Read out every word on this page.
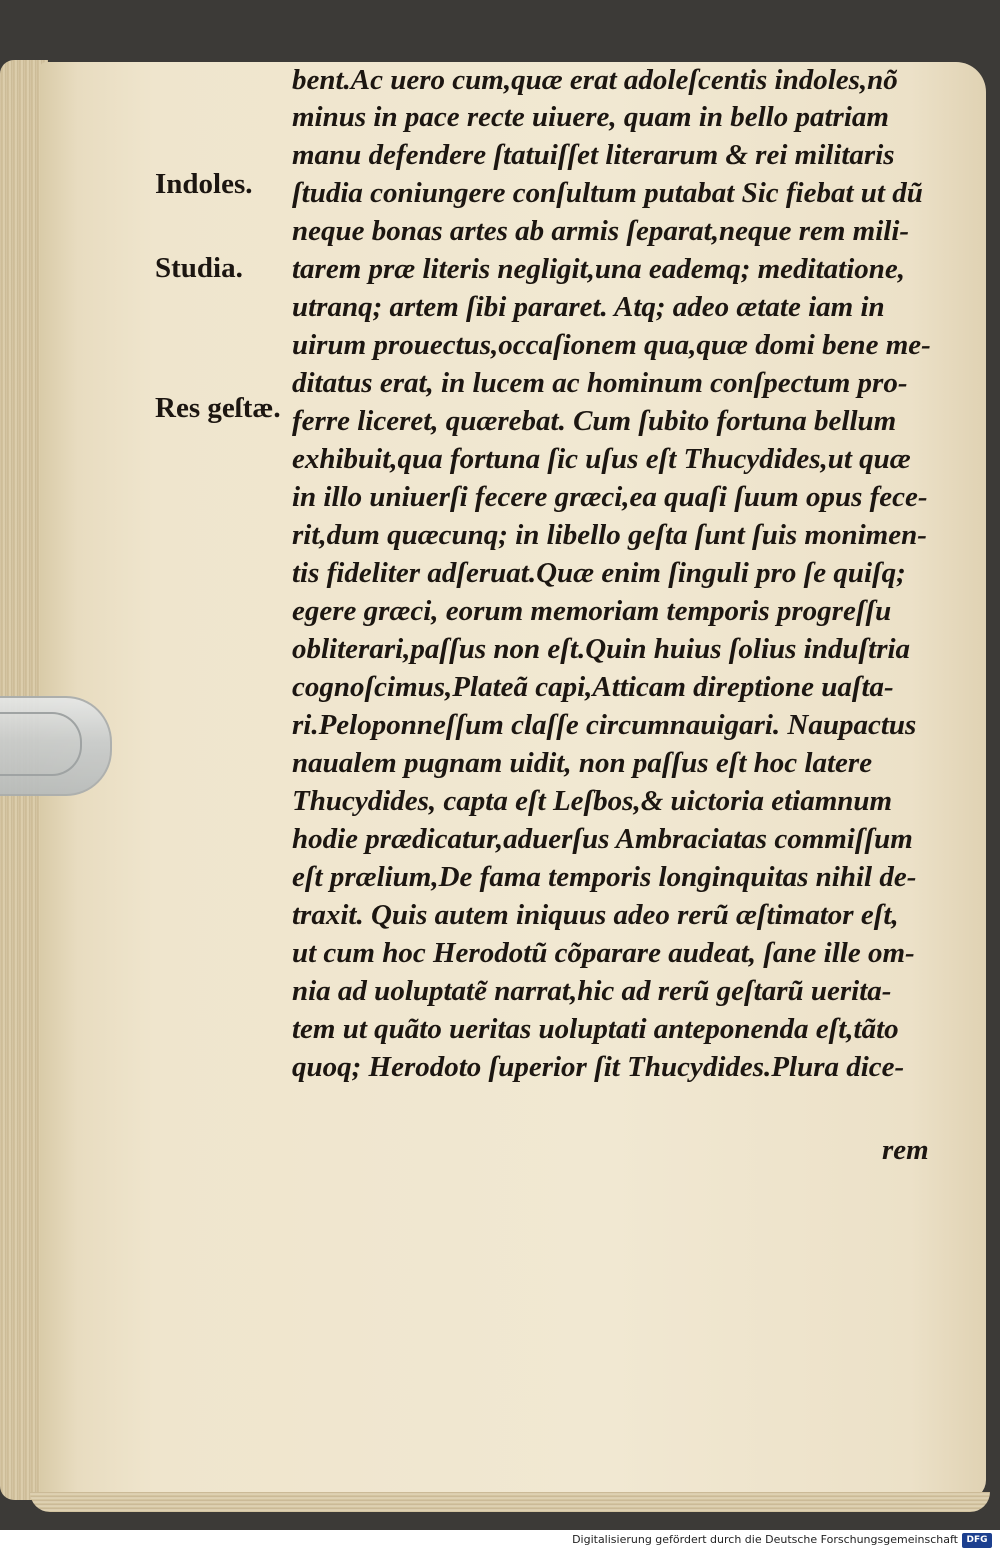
Indoles.
Studia.
Res geſtæ.
bent.Ac uero cum,quæ erat adoleſcentis indoles,nõ
minus in pace recte uiuere, quam in bello patriam
manu defendere ſtatuiſſet literarum & rei militaris
ſtudia coniungere conſultum putabat Sic fiebat ut dũ
neque bonas artes ab armis ſeparat,neque rem mili-
tarem præ literis negligit,una eademq; meditatione,
utranq; artem ſibi pararet. Atq; adeo ætate iam in
uirum prouectus,occaſionem qua,quæ domi bene me-
ditatus erat, in lucem ac hominum conſpectum pro-
ferre liceret, quærebat. Cum ſubito fortuna bellum
exhibuit,qua fortuna ſic uſus eſt Thucydides,ut quæ
in illo uniuerſi fecere græci,ea quaſi ſuum opus fece-
rit,dum quæcunq; in libello geſta ſunt ſuis monimen-
tis fideliter adſeruat.Quæ enim ſinguli pro ſe quiſq;
egere græci, eorum memoriam temporis progreſſu
obliterari,paſſus non eſt.Quin huius ſolius induſtria
cognoſcimus,Plateã capi,Atticam direptione uaſta-
ri.Peloponneſſum claſſe circumnauigari. Naupactus
naualem pugnam uidit, non paſſus eſt hoc latere
Thucydides, capta eſt Leſbos,& uictoria etiamnum
hodie prædicatur,aduerſus Ambraciatas commiſſum
eſt prælium,De fama temporis longinquitas nihil de-
traxit. Quis autem iniquus adeo rerũ æſtimator eſt,
ut cum hoc Herodotũ cõparare audeat, ſane ille om-
nia ad uoluptatẽ narrat,hic ad rerũ geſtarũ uerita-
tem ut quãto ueritas uoluptati anteponenda eſt,tãto
quoq; Herodoto ſuperior ſit Thucydides.Plura dice-
rem
Digitalisierung gefördert durch die Deutsche Forschungsgemeinschaft DFG
